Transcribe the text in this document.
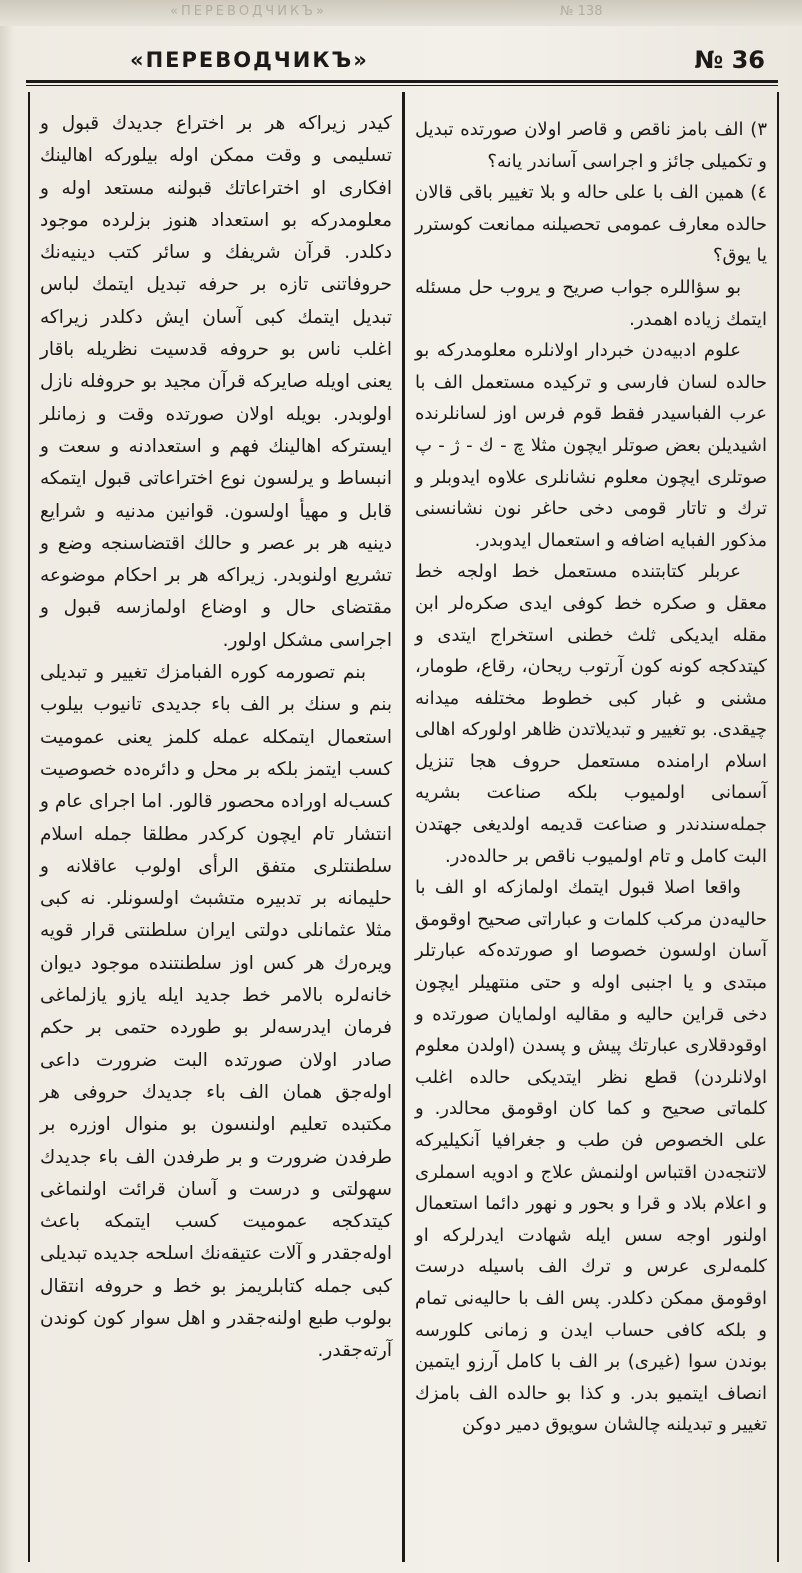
«ПЕРЕВОДЧИКЪ»	№ 138
«ПЕРЕВОДЧИКЪ»	№ 36

کیدر زیراکه هر بر اختراع جدیدك قبول و تسلیمی و وقت ممکن اوله بیلورکه اها‌لینك افکاری او اختراعاتك قبولنه مستعد اوله و معلومدرکه بو استعداد هنوز بزلرده موجود دکلدر. قرآن شریفك و سائر کتب دینیه‌نك حروفاتنی تازه بر حرفه تبدیل ایتمك لباس تبدیل ایتمك کبی آسان ایش دکلدر زیراکه اغلب ناس بو حروفه قدسیت نظریله باقار یعنی اویله صایرکه قرآن مجید بو حروفله نازل اولوبدر. بویله اولان صورتده وقت و زمانلر ایسترکه اهالینك فهم و استعدادنه و سعت و انبساط و یرلسون نوع اختراعاتی قبول ایتمکه قابل و مهیأ اولسون. قوانین مدنیه و شرایع دینیه هر بر عصر و حالك اقتضاسنجه وضع و تشریع اولنوبدر. زیراکه هر بر احکام موضوعه مقتضای حال و اوضاع اولمازسه قبول و اجراسی مشکل اولور.

بنم تصورمه کوره الفبامزك تغییر و تبدیلی بنم و سنك بر الف باء جدیدی تانیوب بیلوب استعمال ایتمکله عمله کلمز یعنی عمومیت کسب ایتمز بلکه بر محل و دائره‌ده خصوصیت کسب‌له اوراده محصور قالور. اما اجرای عام و انتشار تام ایچون کرکدر مطلقا جمله اسلام سلطنتلری متفق الرأی اولوب عاقلانه و حلیمانه بر تدبیره متشبث اولسونلر. نه کبی مثلا عثمانلی دولتی ایران سلطنتی قرار قویه ویره‌رك هر کس اوز سلطنتنده موجود دیوان خانه‌لره بالامر خط جدید ایله یازو یازلماغی فرمان ایدرسه‌لر بو طورده حتمی بر حکم صادر اولان صورتده البت ضرورت داعی اوله‌جق همان الف باء جدیدك حروفی هر مکتبده تعلیم اولنسون بو منوال اوزره بر طرفدن ضرورت و بر طرفدن الف باء جدیدك سهولتی و درست و آسان قرائت اولنماغی کیتدکجه عمومیت کسب ایتمکه باعث اوله‌جقدر و آلات عتیقه‌نك اسلحه جدیده تبدیلی کبی جمله کتابلریمز بو خط و حروفه انتقال بولوب طبع اولنه‌جقدر و اهل سوار کون کوندن آرته‌جقدر.

٣) الف بامز ناقص و قاصر اولان صورتده تبدیل و تکمیلی جائز و اجراسی آساندر یانه؟

٤) همین الف با علی حاله و بلا تغییر باقی قالان حالده معارف عمومی تحصیلنه ممانعت کوسترر یا یوق؟

بو سؤاللره جواب صریح و یروب حل مسئله ایتمك زیاده اهمدر.

علوم ادبیه‌دن خبردار اولانلره معلومدرکه بو حالده لسان فارسی و ترکیده مستعمل الف با عرب الفباسیدر فقط قوم فرس اوز لسانلرنده اشیدیلن بعض صوتلر ایچون مثلا چ - ك - ژ - پ صوتلری ایچون معلوم نشانلری علاوه ایدوبلر و ترك و تاتار قومی دخی حاغر نون نشانسنی مذکور الفبایه اضافه و استعمال ایدوبدر.

عربلر کتابتنده مستعمل خط اولجه خط معقل و صکره خط کوفی ایدی صکره‌لر ابن مقله ایدیکی ثلث خطنی استخراج ایتدی و کیتدکجه کونه کون آرتوب ریحان، رقاع، طومار، مشنی و غبار کبی خطوط مختلفه میدانه چیقدی. بو تغییر و تبدیلاتدن ظاهر اولورکه اهالی اسلام ارامنده مستعمل حروف هجا تنزیل آسمانی اولمیوب بلکه صناعت بشریه جمله‌سندندر و صناعت قدیمه اولدیغی جهتدن البت کامل و تام اولمیوب ناقص بر حالده‌در.

واقعا اصلا قبول ایتمك اولمازکه او الف با حالیه‌دن مرکب کلمات و عباراتی صحیح اوقومق آسان اولسون خصوصا او صورتده‌که عبارتلر مبتدی و یا اجنبی اوله و حتی منتهیلر ایچون دخی قراین حالیه و مقالیه اولمایان صورتده و اوقودقلاری عبارتك پیش و پسدن (اولدن معلوم اولانلردن) قطع نظر ایتدیکی حالده اغلب کلماتی صحیح و کما کان اوقومق محالدر. و علی الخصوص فن طب و جغرافیا آنکیلیرکه لاتنجه‌دن اقتباس اولنمش علاج و ادویه اسملری و اعلام بلاد و قرا و بحور و نهور دائما استعمال اولنور اوجه سس ایله شهادت ایدرلرکه او کلمه‌لری عرس و ترك الف باسیله درست اوقومق ممکن دکلدر. پس الف با حالیه‌نی تمام و بلکه کافی حساب ایدن و زمانی کلورسه بوندن سوا (غیری) بر الف با کامل آرزو ایتمین انصاف ایتمیو بدر. و کذا بو حالده الف بامزك تغییر و تبدیلنه چالشان سویوق دمیر دوکن
